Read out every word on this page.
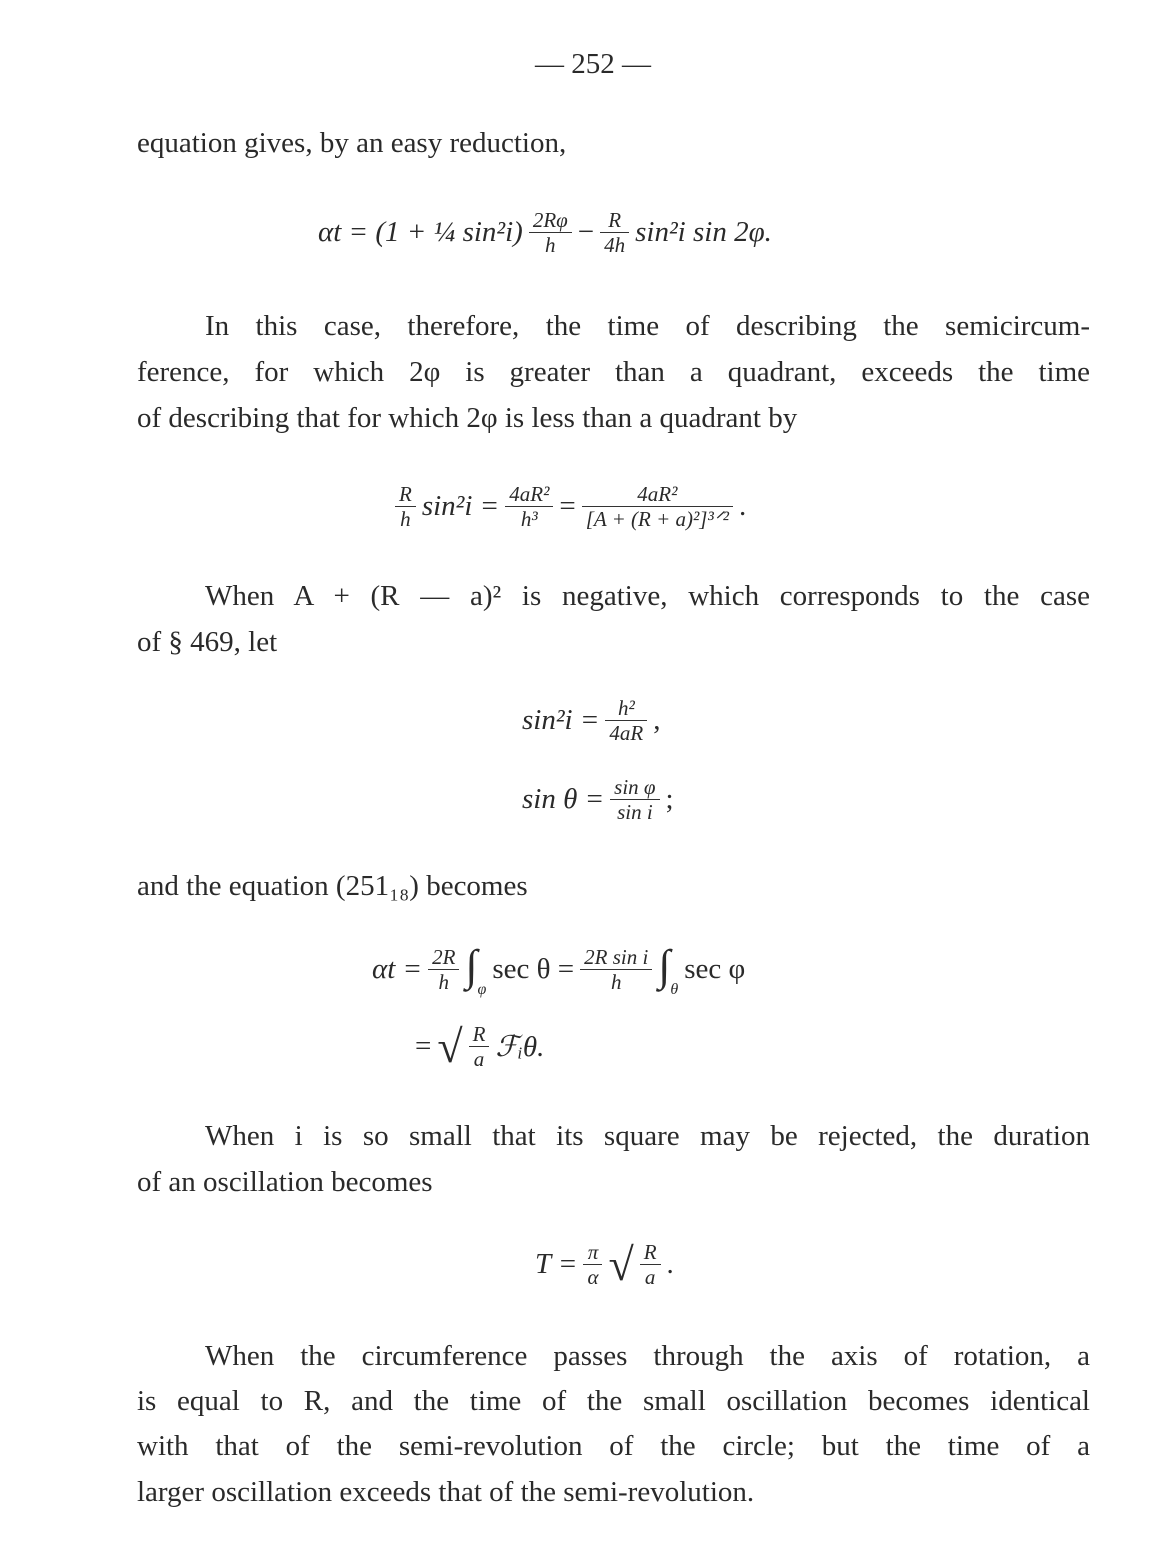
— 252 —
equation gives, by an easy reduction,
αt = (1 + ¼ $\sin^2i) \frac{2R\varphi}{h} - \frac{R}{4h} \sin^2i$ sin 2φ.
In this case, therefore, the time of describing the semicircum-
ference, for which 2φ is greater than a quadrant, exceeds the time
of describing that for which 2φ is less than a quadrant by
$\frac{R}{h} \sin^2i = \frac{\text{4aR²}}{\text{h³}} = \frac{\text{4aR²}}{\text{[A + (R + a)²]³ᐟ²}}$ .
When A + (R — a)² is negative, which corresponds to the case
of § 469, let
$\sin^2i = \frac{\text{h²}}{4aR}$ ,
$\sin \theta = \frac{\text{sin φ}}{\text{sin i}}$ ;
and the equation (251₁₈) becomes
$\alpha t = \frac{2R}{h} \int_\varphi$
$\sec \theta = \frac{\text{2R sin i}}{h} \int_\theta$
sec φ
= √ $\frac{R}{a}$ ℱᵢθ.
When i is so small that its square may be rejected, the duration
of an oscillation becomes
$T = \frac{\pi}{\alpha}$ √ $\frac{R}{a}$ .
When the circumference passes through the axis of rotation, a
is equal to R, and the time of the small oscillation becomes identical
with that of the semi-revolution of the circle; but the time of a
larger oscillation exceeds that of the semi-revolution.
